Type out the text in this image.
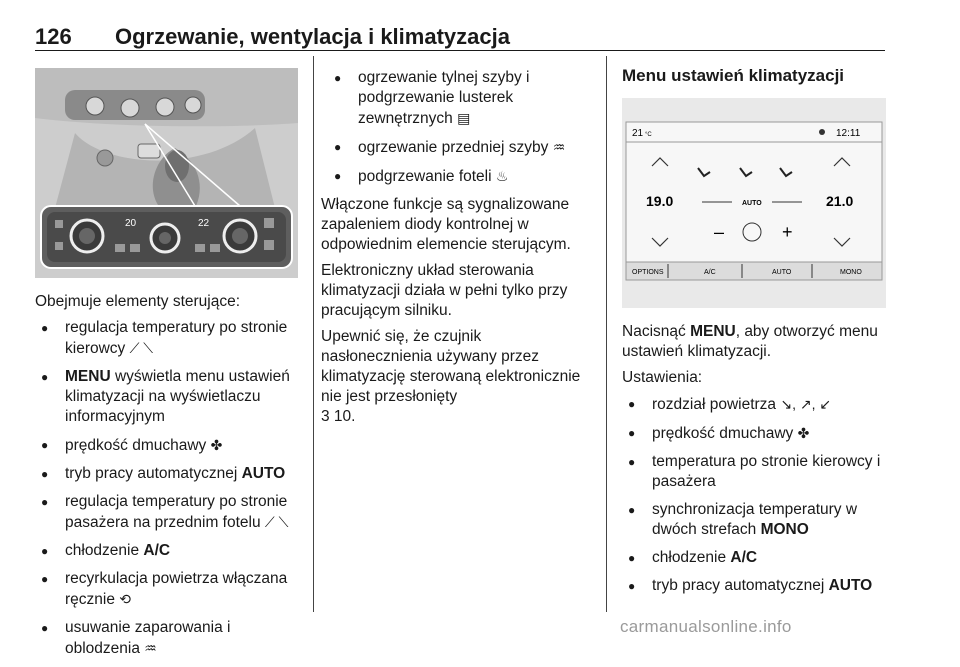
126 Ogrzewanie, wentylacja i klimatyzacja
20	22

Obejmuje elementy sterujące:

● regulacja temperatury po stronie kierowcy ⟋ ⟍
● MENU wyświetla menu ustawień klimatyzacji na wyświetlaczu informacyjnym
● prędkość dmuchawy ✤
● tryb pracy automatycznej AUTO
● regulacja temperatury po stronie pasażera na przednim fotelu ⟋ ⟍
● chłodzenie A/C
● recyrkulacja powietrza włączana ręcznie ⟲
● usuwanie zaparowania i oblodzenia ♒
● ogrzewanie tylnej szyby i podgrzewanie lusterek zewnętrznych ▤
● ogrzewanie przedniej szyby ♒
● podgrzewanie foteli ♨

Włączone funkcje są sygnalizowane zapaleniem diody kontrolnej w odpowiednim elemencie sterującym.

Elektroniczny układ sterowania klimatyzacji działa w pełni tylko przy pracującym silniku.

Upewnić się, że czujnik nasłonecznienia używany przez klimatyzację sterowaną elektronicznie nie jest przesłonięty

3 10.

Menu ustawień klimatyzacji
21 °C	12:11
19.0	21.0
AUTO
–	+
OPTIONS	A/C	AUTO	MONO

Nacisnąć MENU, aby otworzyć menu ustawień klimatyzacji.

Ustawienia:

● rozdział powietrza ↘, ↗, ↙
● prędkość dmuchawy ✤
● temperatura po stronie kierowcy i pasażera
● synchronizacja temperatury w dwóch strefach MONO
● chłodzenie A/C
● tryb pracy automatycznej AUTO
carmanualsonline.info
